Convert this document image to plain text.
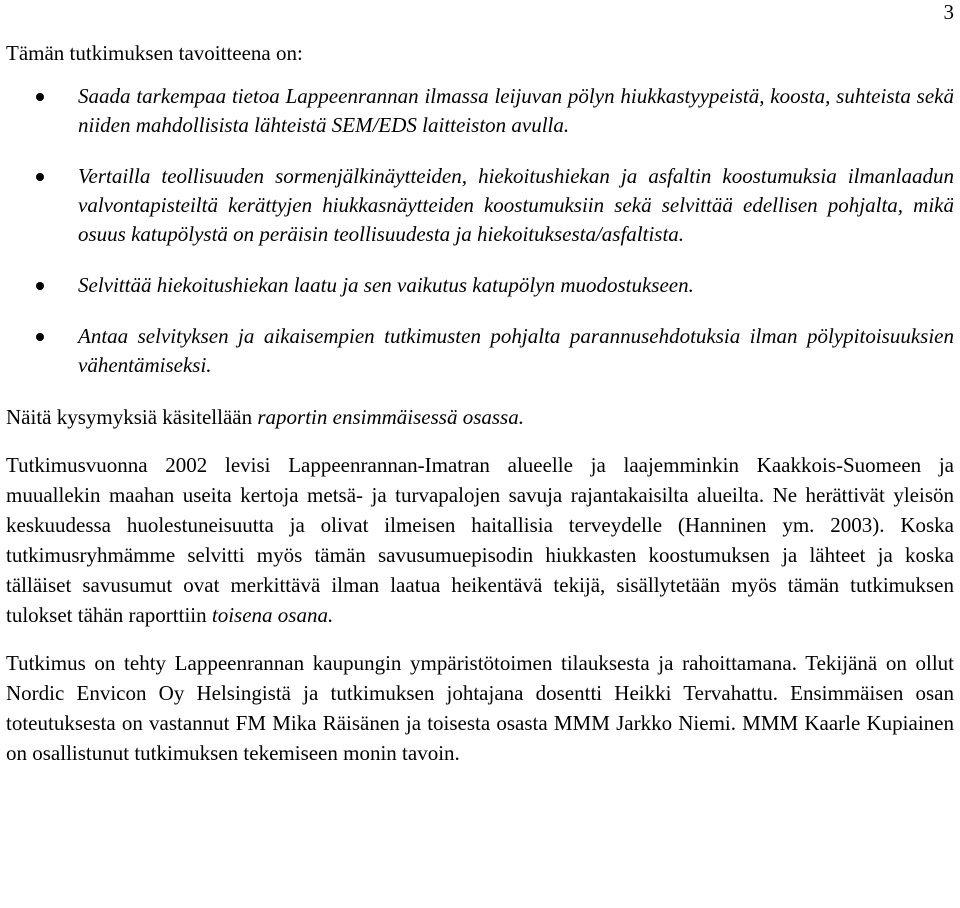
3

Tämän tutkimuksen tavoitteena on:

Saada tarkempaa tietoa Lappeenrannan ilmassa leijuvan pölyn hiukkastyypeistä, koosta, suhteista sekä niiden mahdollisista lähteistä SEM/EDS laitteiston avulla.
Vertailla teollisuuden sormenjälkinäytteiden, hiekoitushiekan ja asfaltin koostumuksia ilmanlaadun valvontapisteiltä kerättyjen hiukkasnäytteiden koostumuksiin sekä selvittää edellisen pohjalta, mikä osuus katupölystä on peräisin teollisuudesta ja hiekoituksesta/asfaltista.
Selvittää hiekoitushiekan laatu ja sen vaikutus katupölyn muodostukseen.
Antaa selvityksen ja aikaisempien tutkimusten pohjalta parannusehdotuksia ilman pölypitoisuuksien vähentämiseksi.

Näitä kysymyksiä käsitellään raportin ensimmäisessä osassa.

Tutkimusvuonna 2002 levisi Lappeenrannan-Imatran alueelle ja laajemminkin Kaakkois-Suomeen ja muuallekin maahan useita kertoja metsä- ja turvapalojen savuja rajantakaisilta alueilta. Ne herättivät yleisön keskuudessa huolestuneisuutta ja olivat ilmeisen haitallisia terveydelle (Hanninen ym. 2003). Koska tutkimusryhmämme selvitti myös tämän savusumuepisodin hiukkasten koostumuksen ja lähteet ja koska tälläiset savusumut ovat merkittävä ilman laatua heikentävä tekijä, sisällytetään myös tämän tutkimuksen tulokset tähän raporttiin toisena osana.

Tutkimus on tehty Lappeenrannan kaupungin ympäristötoimen tilauksesta ja rahoittamana. Tekijänä on ollut Nordic Envicon Oy Helsingistä ja tutkimuksen johtajana dosentti Heikki Tervahattu. Ensimmäisen osan toteutuksesta on vastannut FM Mika Räisänen ja toisesta osasta MMM Jarkko Niemi. MMM Kaarle Kupiainen on osallistunut tutkimuksen tekemiseen monin tavoin.
